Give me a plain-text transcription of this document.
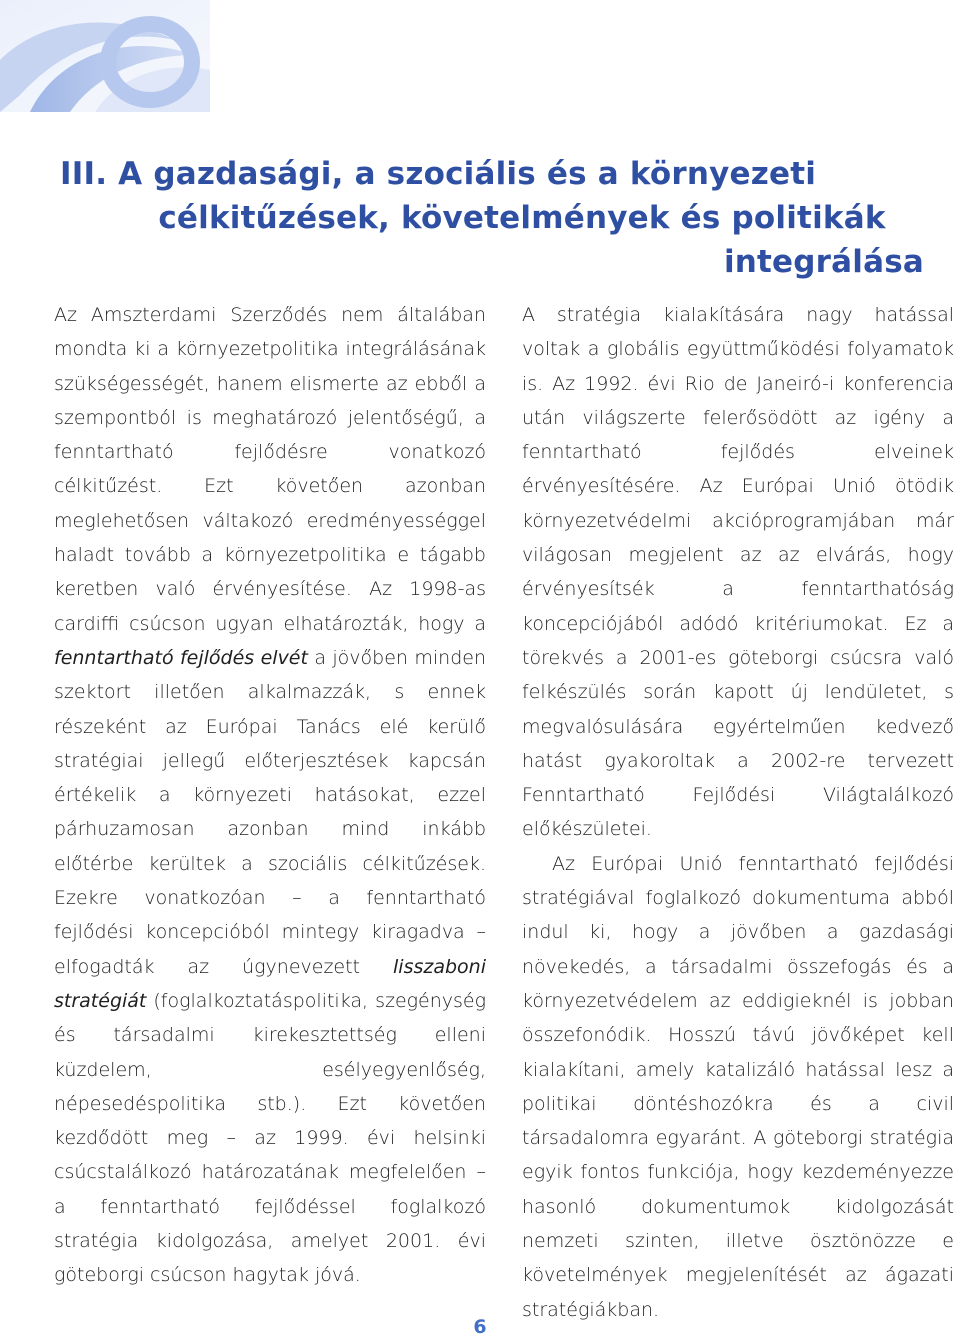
III. A gazdasági, a szociális és a környezeti
célkitűzések, követelmények és politikák
integrálása

Az Amszterdami Szerződés nem általában mondta ki a környezetpolitika integrálásának szükségességét, hanem elismerte az ebből a szempontból is meghatározó jelentőségű, a fenntartható fejlődésre vonatkozó célkitűzést. Ezt követően azonban meglehetősen váltakozó eredményességgel haladt tovább a környezetpolitika e tágabb keretben való érvényesítése. Az 1998-as cardiffi csúcson ugyan elhatározták, hogy a fenntartható fejlődés elvét a jövőben minden szektort illetően alkalmazzák, s ennek részeként az Európai Tanács elé kerülő stratégiai jellegű előterjesztések kapcsán értékelik a környezeti hatásokat, ezzel párhuzamosan azonban mind inkább előtérbe kerültek a szociális célkitűzések. Ezekre vonatkozóan – a fenntartható fejlődési koncepcióból mintegy kiragadva – elfogadták az úgynevezett lisszaboni stratégiát (foglalkoztatáspolitika, szegénység és társadalmi kirekesztettség elleni küzdelem, esélyegyenlőség, népesedéspolitika stb.). Ezt követően kezdődött meg – az 1999. évi helsinki csúcstalálkozó határozatának megfelelően – a fenntartható fejlődéssel foglalkozó stratégia kidolgozása, amelyet 2001. évi göteborgi csúcson hagytak jóvá.

A stratégia kialakítására nagy hatással voltak a globális együttműködési folyamatok is. Az 1992. évi Rio de Janeiró-i konferencia után világszerte felerősödött az igény a fenntartható fejlődés elveinek érvényesítésére. Az Európai Unió ötödik környezetvédelmi akcióprogramjában már világosan megjelent az az elvárás, hogy érvényesítsék a fenntarthatóság koncepciójából adódó kritériumokat. Ez a törekvés a 2001-es göteborgi csúcsra való felkészülés során kapott új lendületet, s megvalósulására egyértelműen kedvező hatást gyakoroltak a 2002-re tervezett Fenntartható Fejlődési Világtalálkozó előkészületei.

Az Európai Unió fenntartható fejlődési stratégiával foglalkozó dokumentuma abból indul ki, hogy a jövőben a gazdasági növekedés, a társadalmi összefogás és a környezetvédelem az eddigieknél is jobban összefonódik. Hosszú távú jövőképet kell kialakítani, amely katalizáló hatással lesz a politikai döntéshozókra és a civil társadalomra egyaránt. A göteborgi stratégia egyik fontos funkciója, hogy kezdeményezze hasonló dokumentumok kidolgozását nemzeti szinten, illetve ösztönözze e követelmények megjelenítését az ágazati stratégiákban.

6
